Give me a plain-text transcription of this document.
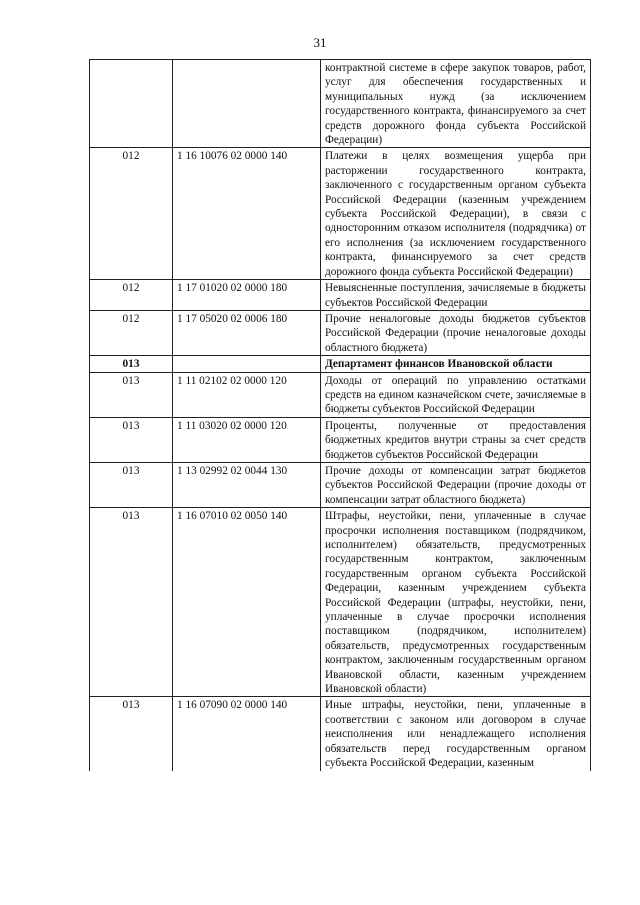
31
		контрактной системе в сфере закупок товаров, работ, услуг для обеспечения государственных и муниципальных нужд (за исключением государственного контракта, финансируемого за счет средств дорожного фонда субъекта Российской Федерации)
012	1 16 10076 02 0000 140	Платежи в целях возмещения ущерба при расторжении государственного контракта, заключенного с государственным органом субъекта Российской Федерации (казенным учреждением субъекта Российской Федерации), в связи с односторонним отказом исполнителя (подрядчика) от его исполнения (за исключением государственного контракта, финансируемого за счет средств дорожного фонда субъекта Российской Федерации)
012	1 17 01020 02 0000 180	Невыясненные поступления, зачисляемые в бюджеты субъектов Российской Федерации
012	1 17 05020 02 0006 180	Прочие неналоговые доходы бюджетов субъектов Российской Федерации (прочие неналоговые доходы областного бюджета)
013		Департамент финансов Ивановской области
013	1 11 02102 02 0000 120	Доходы от операций по управлению остатками средств на едином казначейском счете, зачисляемые в бюджеты субъектов Российской Федерации
013	1 11 03020 02 0000 120	Проценты, полученные от предоставления бюджетных кредитов внутри страны за счет средств бюджетов субъектов Российской Федерации
013	1 13 02992 02 0044 130	Прочие доходы от компенсации затрат бюджетов субъектов Российской Федерации (прочие доходы от компенсации затрат областного бюджета)
013	1 16 07010 02 0050 140	Штрафы, неустойки, пени, уплаченные в случае просрочки исполнения поставщиком (подрядчиком, исполнителем) обязательств, предусмотренных государственным контрактом, заключенным государственным органом субъекта Российской Федерации, казенным учреждением субъекта Российской Федерации (штрафы, неустойки, пени, уплаченные в случае просрочки исполнения поставщиком (подрядчиком, исполнителем) обязательств, предусмотренных государственным контрактом, заключенным государственным органом Ивановской области, казенным учреждением Ивановской области)
013	1 16 07090 02 0000 140	Иные штрафы, неустойки, пени, уплаченные в соответствии с законом или договором в случае неисполнения или ненадлежащего исполнения обязательств перед государственным органом субъекта Российской Федерации, казенным
